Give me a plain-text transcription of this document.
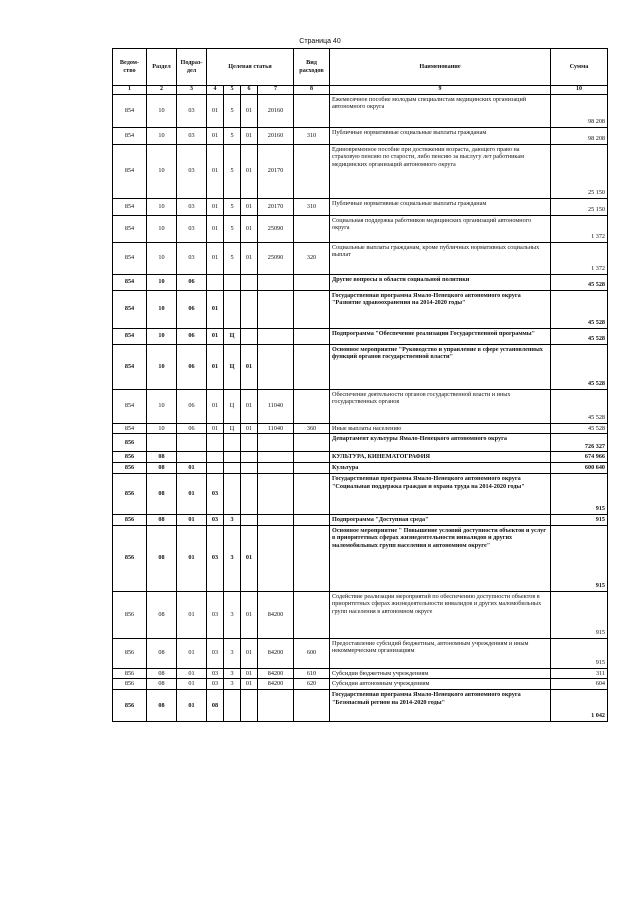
Страница 40
Ведом-ство	Раздел	Подраз-дел	Целевая статья				Вид расходов	Наименование	Сумма
1	2	3	4	5	6	7	8	9	10
854	10	03	01	5	01	20160		Ежемесячное пособие молодым специалистам медицинских организаций автономного округа	98 208
854	10	03	01	5	01	20160	310	Публичные нормативные социальные выплаты гражданам	98 208
854	10	03	01	5	01	20170		Единовременное пособие при достижении возраста, дающего право на страховую пенсию по старости, либо пенсию за выслугу лет работникам медицинских организаций автономного округа	25 150
854	10	03	01	5	01	20170	310	Публичные нормативные социальные выплаты гражданам	25 150
854	10	03	01	5	01	25090		Социальная поддержка работников медицинских организаций автономного округа	1 372
854	10	03	01	5	01	25090	320	Социальные выплаты гражданам, кроме публичных нормативных социальных выплат	1 372
854	10	06						Другие вопросы в области социальной политики	45 528
854	10	06	01					Государственная программа Ямало-Ненецкого автономного округа "Развитие здравоохранения на 2014-2020 годы"	45 528
854	10	06	01	Ц				Подпрограмма "Обеспечение реализации Государственной программы"	45 528
854	10	06	01	Ц	01			Основное мероприятие "Руководство и управление в сфере установленных функций органов государственной власти"	45 528
854	10	06	01	Ц	01	11040		Обеспечение деятельности органов государственной власти и иных государственных органов	45 528
854	10	06	01	Ц	01	11040	360	Иные выплаты населению	45 528
856								Департамент культуры Ямало-Ненецкого автономного округа	726 327
856	08							КУЛЬТУРА, КИНЕМАТОГРАФИЯ	674 966
856	08	01						Культура	600 640
856	08	01	03					Государственная программа Ямало-Ненецкого автономного округа "Социальная поддержка граждан и охрана труда на 2014-2020 годы"	915
856	08	01	03	3				Подпрограмма "Доступная среда"	915
856	08	01	03	3	01			Основное мероприятие " Повышение условий доступности объектов и услуг в приоритетных сферах жизнедеятельности инвалидов и других маломобильных групп населения в автономном округе"	915
856	08	01	03	3	01	84200		Содействие реализации мероприятий по обеспечению доступности объектов в приоритетных сферах жизнедеятельности инвалидов и других маломобильных групп населения в автономном округе	915
856	08	01	03	3	01	84200	600	Предоставление субсидий бюджетным, автономным учреждениям и иным некоммерческим организациям	915
856	08	01	03	3	01	84200	610	Субсидии бюджетным учреждениям	311
856	08	01	03	3	01	84200	620	Субсидии автономным учреждениям	604
856	08	01	08					Государственная программа Ямало-Ненецкого автономного округа "Безопасный регион на 2014-2020 годы"	1 042
